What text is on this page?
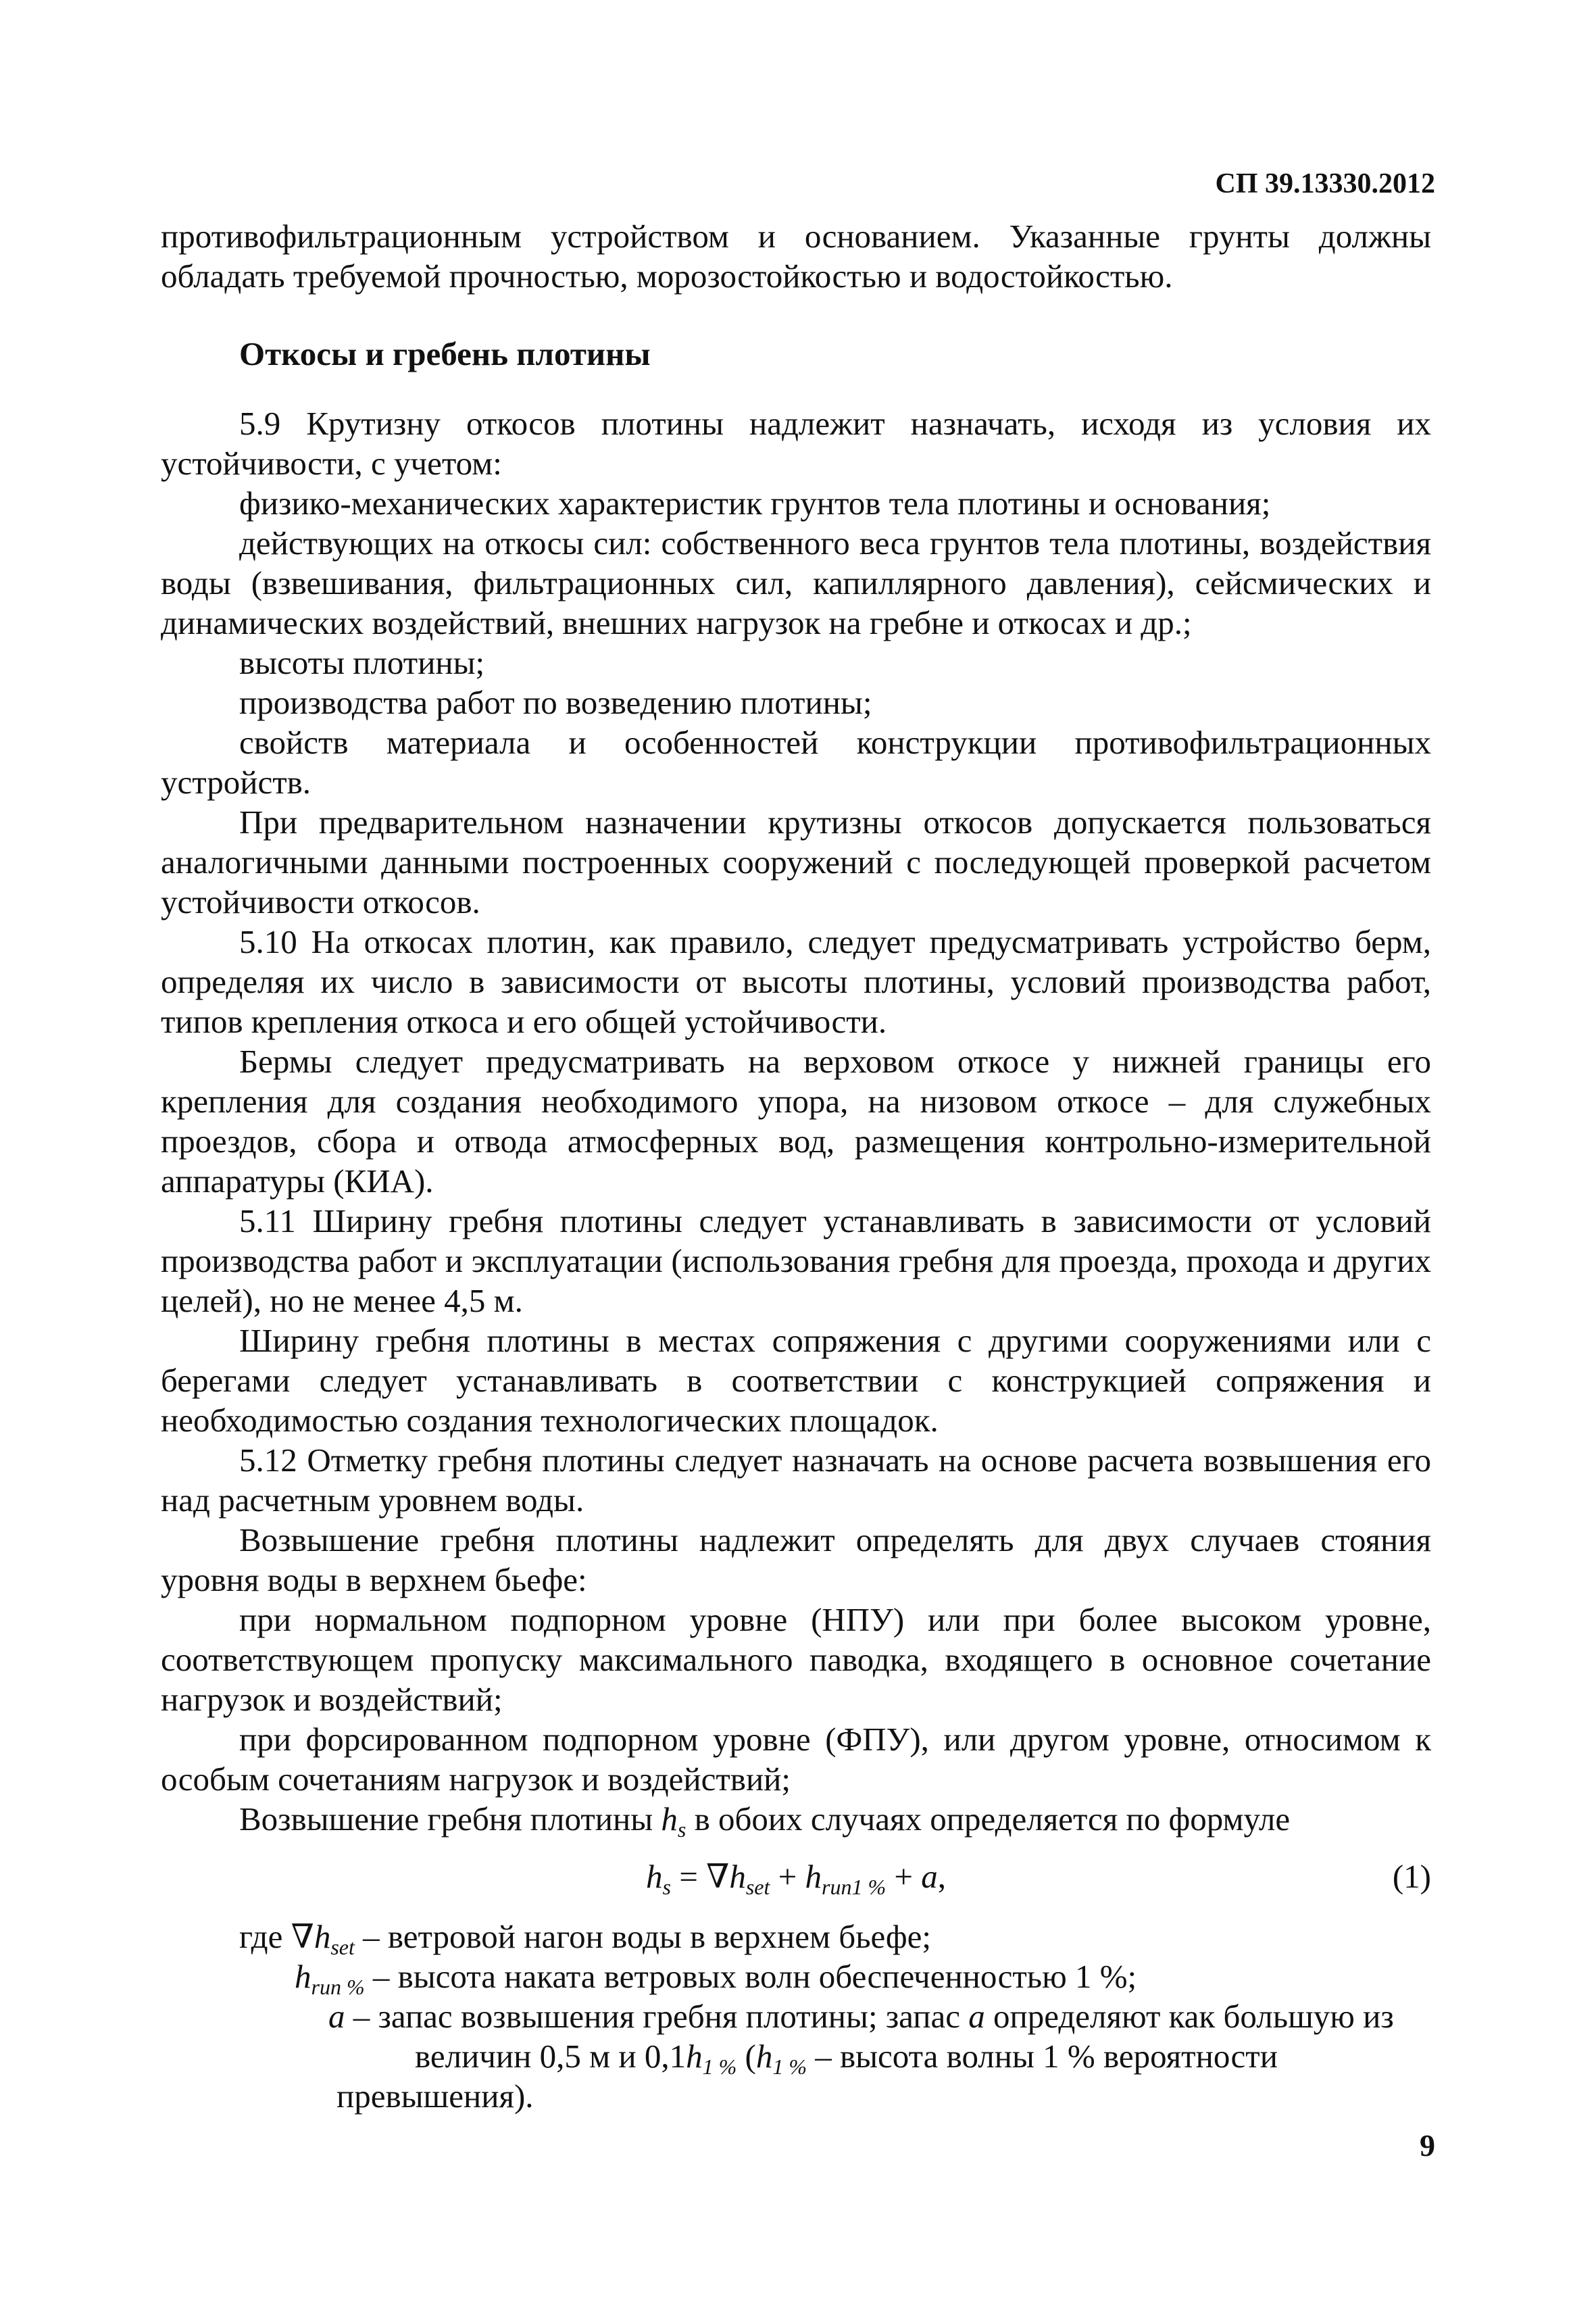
СП 39.13330.2012

противофильтрационным устройством и основанием. Указанные грунты должны обладать требуемой прочностью, морозостойкостью и водостойкостью.

Откосы и гребень плотины

5.9 Крутизну откосов плотины надлежит назначать, исходя из условия их устойчивости, с учетом:

физико-механических характеристик грунтов тела плотины и основания;

действующих на откосы сил: собственного веса грунтов тела плотины, воздействия воды (взвешивания, фильтрационных сил, капиллярного давления), сейсмических и динамических воздействий, внешних нагрузок на гребне и откосах и др.;

высоты плотины;

производства работ по возведению плотины;

свойств материала и особенностей конструкции противофильтрационных устройств.

При предварительном назначении крутизны откосов допускается пользоваться аналогичными данными построенных сооружений с последующей проверкой расчетом устойчивости откосов.

5.10 На откосах плотин, как правило, следует предусматривать устройство берм, определяя их число в зависимости от высоты плотины, условий производства работ, типов крепления откоса и его общей устойчивости.

Бермы следует предусматривать на верховом откосе у нижней границы его крепления для создания необходимого упора, на низовом откосе – для служебных проездов, сбора и отвода атмосферных вод, размещения контрольно-измерительной аппаратуры (КИА).

5.11 Ширину гребня плотины следует устанавливать в зависимости от условий производства работ и эксплуатации (использования гребня для проезда, прохода и других целей), но не менее 4,5 м.

Ширину гребня плотины в местах сопряжения с другими сооружениями или с берегами следует устанавливать в соответствии с конструкцией сопряжения и необходимостью создания технологических площадок.

5.12 Отметку гребня плотины следует назначать на основе расчета возвышения его над расчетным уровнем воды.

Возвышение гребня плотины надлежит определять для двух случаев стояния уровня воды в верхнем бьефе:

при нормальном подпорном уровне (НПУ) или при более высоком уровне, соответствующем пропуску максимального паводка, входящего в основное сочетание нагрузок и воздействий;

при форсированном подпорном уровне (ФПУ), или другом уровне, относимом к особым сочетаниям нагрузок и воздействий;

Возвышение гребня плотины $h_s$ в обоих случаях определяется по формуле

$h_s = \nabla h_{set} + h_{run1 \%} + a$,	(1)

где $\nabla h_{set}$ – ветровой нагон воды в верхнем бьефе;

$h_{run \%}$ – высота наката ветровых волн обеспеченностью 1 %;

a – запас возвышения гребня плотины; запас a определяют как большую из

величин 0,5 м и $0,1h_{1 \%}$ ($h_{1 \%}$ – высота волны 1 % вероятности превышения).

9
